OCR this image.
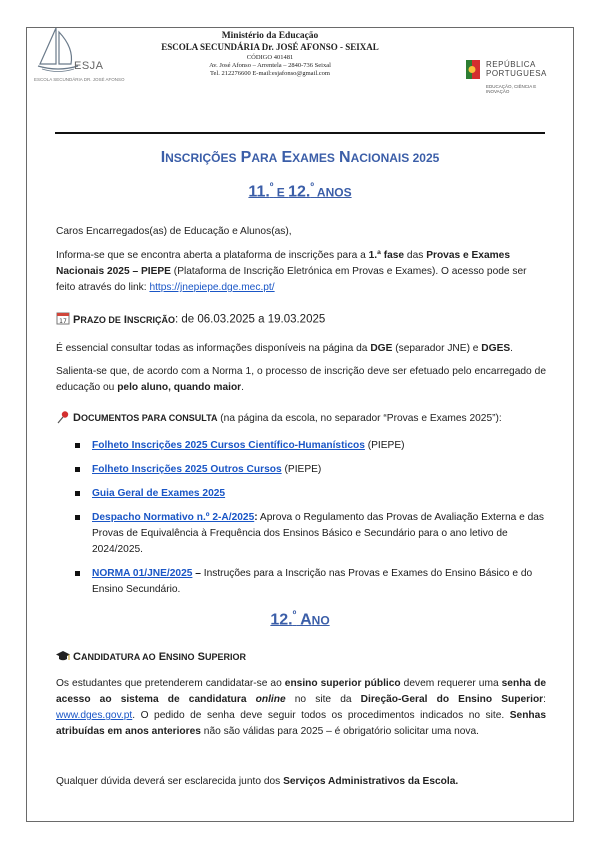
ESJA
ESCOLA SECUNDÁRIA DR. JOSÉ AFONSO
Ministério da Educação
ESCOLA SECUNDÁRIA Dr. JOSÉ AFONSO - SEIXAL
CÓDIGO 401481
Av. José Afonso – Arrentela – 2840-736 Seixal
Tel. 212276600 E-mail:esjafonso@gmail.com
REPÚBLICA
PORTUGUESA
EDUCAÇÃO, CIÊNCIA E INOVAÇÃO
INSCRIÇÕES PARA EXAMES NACIONAIS 2025
11.$^º$ E 12.$^º$ ANOS
Caros Encarregados(as) de Educação e Alunos(as),
Informa-se que se encontra aberta a plataforma de inscrições para a 1.ª fase das Provas e Exames Nacionais 2025 – PIEPE (Plataforma de Inscrição Eletrónica em Provas e Exames). O acesso pode ser feito através do link: https://jnepiepe.dge.mec.pt/
17 PRAZO DE INSCRIÇÃO: de 06.03.2025 a 19.03.2025
É essencial consultar todas as informações disponíveis na página da DGE (separador JNE) e DGES.
Salienta-se que, de acordo com a Norma 1, o processo de inscrição deve ser efetuado pelo encarregado de educação ou pelo aluno, quando maior.
DOCUMENTOS PARA CONSULTA (na página da escola, no separador “Provas e Exames 2025”):
Folheto Inscrições 2025 Cursos Científico-Humanísticos (PIEPE)
Folheto Inscrições 2025 Outros Cursos (PIEPE)
Guia Geral de Exames 2025
Despacho Normativo n.º 2-A/2025: Aprova o Regulamento das Provas de Avaliação Externa e das Provas de Equivalência à Frequência dos Ensinos Básico e Secundário para o ano letivo de 2024/2025.
NORMA 01/JNE/2025 – Instruções para a Inscrição nas Provas e Exames do Ensino Básico e do Ensino Secundário.
12.$^º$ ANO
CANDIDATURA AO ENSINO SUPERIOR
Os estudantes que pretenderem candidatar-se ao ensino superior público devem requerer uma senha de acesso ao sistema de candidatura online no site da Direção-Geral do Ensino Superior: www.dges.gov.pt. O pedido de senha deve seguir todos os procedimentos indicados no site. Senhas atribuídas em anos anteriores não são válidas para 2025 – é obrigatório solicitar uma nova.
Qualquer dúvida deverá ser esclarecida junto dos Serviços Administrativos da Escola.
